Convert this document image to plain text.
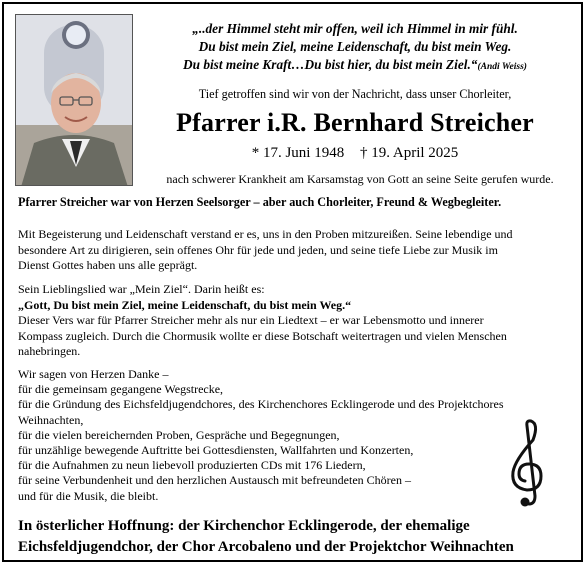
„..der Himmel steht mir offen, weil ich Himmel in mir fühl.
Du bist mein Ziel, meine Leidenschaft, du bist mein Weg.
Du bist meine Kraft…Du bist hier, du bist mein Ziel.“(Andi Weiss)
Tief getroffen sind wir von der Nachricht, dass unser Chorleiter,
Pfarrer i.R. Bernhard Streicher
* 17. Juni 1948 † 19. April 2025
nach schwerer Krankheit am Karsamstag von Gott an seine Seite gerufen wurde.
Pfarrer Streicher war von Herzen Seelsorger – aber auch Chorleiter, Freund & Wegbegleiter.
Mit Begeisterung und Leidenschaft verstand er es, uns in den Proben mitzureißen. Seine lebendige und
besondere Art zu dirigieren, sein offenes Ohr für jede und jeden, und seine tiefe Liebe zur Musik im
Dienst Gottes haben uns alle geprägt.
Sein Lieblingslied war „Mein Ziel“. Darin heißt es:
„Gott, Du bist mein Ziel, meine Leidenschaft, du bist mein Weg.“
Dieser Vers war für Pfarrer Streicher mehr als nur ein Liedtext – er war Lebensmotto und innerer
Kompass zugleich. Durch die Chormusik wollte er diese Botschaft weitertragen und vielen Menschen
nahebringen.
Wir sagen von Herzen Danke –
für die gemeinsam gegangene Wegstrecke,
für die Gründung des Eichsfeldjugendchores, des Kirchenchores Ecklingerode und des Projektchores
Weihnachten,
für die vielen bereichernden Proben, Gespräche und Begegnungen,
für unzählige bewegende Auftritte bei Gottesdiensten, Wallfahrten und Konzerten,
für die Aufnahmen zu neun liebevoll produzierten CDs mit 176 Liedern,
für seine Verbundenheit und den herzlichen Austausch mit befreundeten Chören –
und für die Musik, die bleibt.
In österlicher Hoffnung: der Kirchenchor Ecklingerode, der ehemalige
Eichsfeldjugendchor, der Chor Arcobaleno und der Projektchor Weihnachten
